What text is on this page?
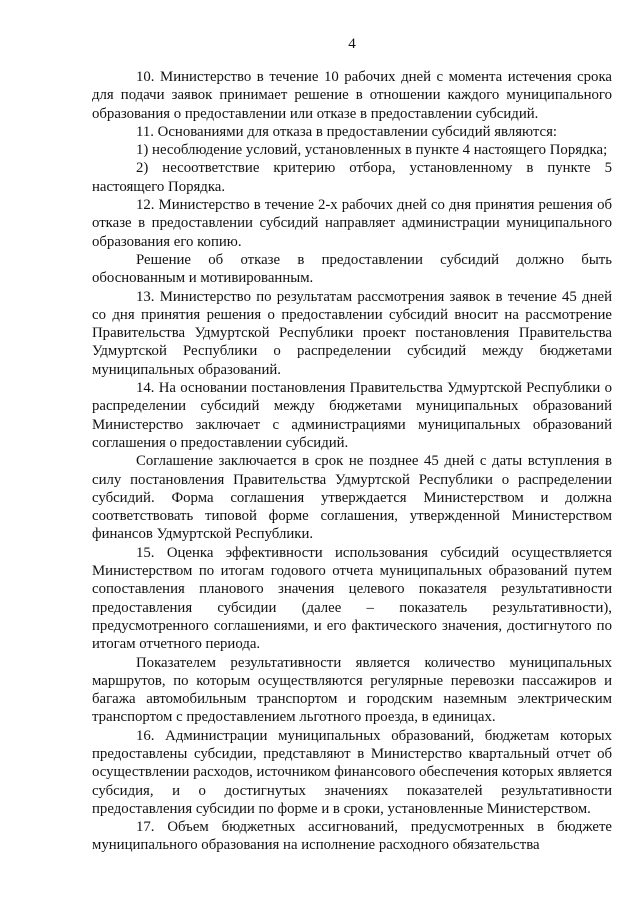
4

10. Министерство в течение 10 рабочих дней с момента истечения срока для подачи заявок принимает решение в отношении каждого муниципального образования о предоставлении или отказе в предоставлении субсидий.

11. Основаниями для отказа в предоставлении субсидий являются:

1) несоблюдение условий, установленных в пункте 4 настоящего Порядка;

2) несоответствие критерию отбора, установленному в пункте 5 настоящего Порядка.

12. Министерство в течение 2-х рабочих дней со дня принятия решения об отказе в предоставлении субсидий направляет администрации муниципального образования его копию.

Решение об отказе в предоставлении субсидий должно быть обоснованным и мотивированным.

13. Министерство по результатам рассмотрения заявок в течение 45 дней со дня принятия решения о предоставлении субсидий вносит на рассмотрение Правительства Удмуртской Республики проект постановления Правительства Удмуртской Республики о распределении субсидий между бюджетами муниципальных образований.

14. На основании постановления Правительства Удмуртской Республики о распределении субсидий между бюджетами муниципальных образований Министерство заключает с администрациями муниципальных образований соглашения о предоставлении субсидий.

Соглашение заключается в срок не позднее 45 дней с даты вступления в силу постановления Правительства Удмуртской Республики о распределении субсидий. Форма соглашения утверждается Министерством и должна соответствовать типовой форме соглашения, утвержденной Министерством финансов Удмуртской Республики.

15. Оценка эффективности использования субсидий осуществляется Министерством по итогам годового отчета муниципальных образований путем сопоставления планового значения целевого показателя результативности предоставления субсидии (далее – показатель результативности), предусмотренного соглашениями, и его фактического значения, достигнутого по итогам отчетного периода.

Показателем результативности является количество муниципальных маршрутов, по которым осуществляются регулярные перевозки пассажиров и багажа автомобильным транспортом и городским наземным электрическим транспортом с предоставлением льготного проезда, в единицах.

16. Администрации муниципальных образований, бюджетам которых предоставлены субсидии, представляют в Министерство квартальный отчет об осуществлении расходов, источником финансового обеспечения которых является субсидия, и о достигнутых значениях показателей результативности предоставления субсидии по форме и в сроки, установленные Министерством.

17. Объем бюджетных ассигнований, предусмотренных в бюджете муниципального образования на исполнение расходного обязательства
